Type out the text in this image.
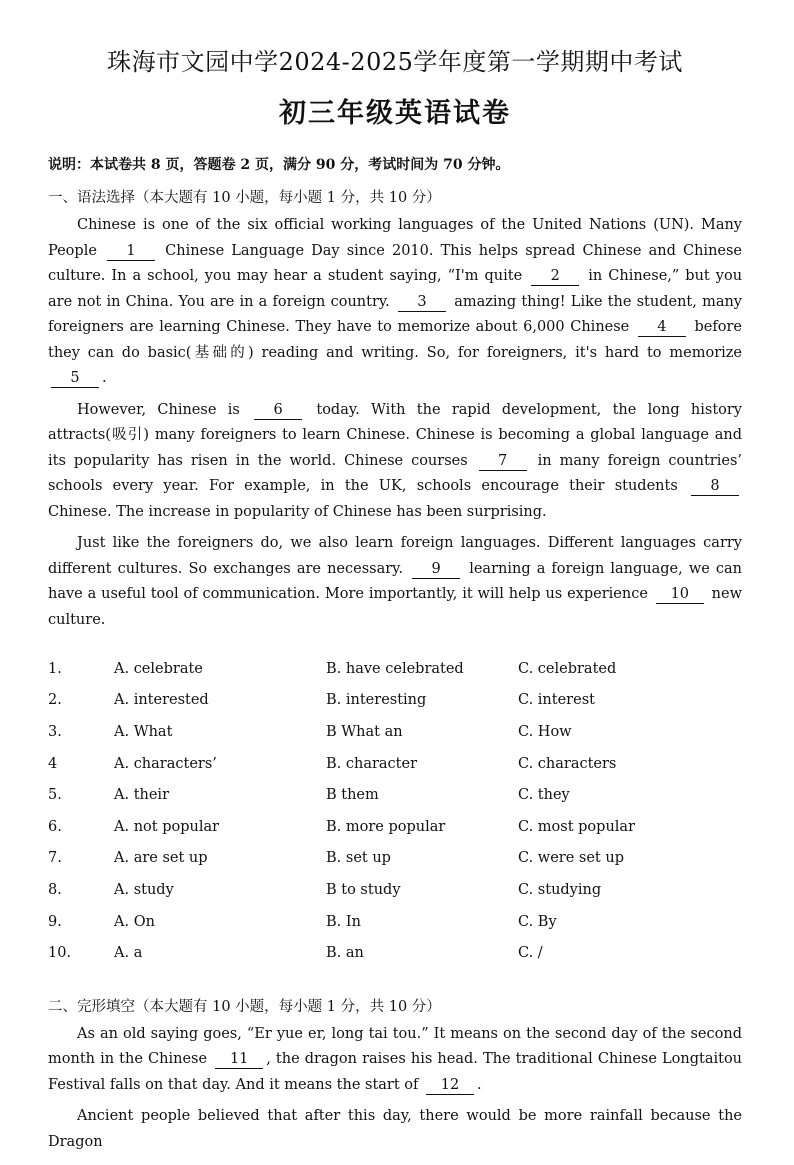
珠海市文园中学2024-2025学年度第一学期期中考试
初三年级英语试卷
说明：本试卷共 8 页，答题卷 2 页，满分 90 分，考试时间为 70 分钟。
一、语法选择（本大题有 10 小题，每小题 1 分，共 10 分）

Chinese is one of the six official working languages of the United Nations (UN). Many People 1 Chinese Language Day since 2010. This helps spread Chinese and Chinese culture. In a school, you may hear a student saying, “I'm quite 2 in Chinese,” but you are not in China. You are in a foreign country. 3 amazing thing! Like the student, many foreigners are learning Chinese. They have to memorize about 6,000 Chinese 4 before they can do basic(基础的) reading and writing. So, for foreigners, it's hard to memorize 5 .

However, Chinese is 6 today. With the rapid development, the long history attracts(吸引) many foreigners to learn Chinese. Chinese is becoming a global language and its popularity has risen in the world. Chinese courses 7 in many foreign countries’ schools every year. For example, in the UK, schools encourage their students 8 Chinese. The increase in popularity of Chinese has been surprising.

Just like the foreigners do, we also learn foreign languages. Different languages carry different cultures. So exchanges are necessary. 9 learning a foreign language, we can have a useful tool of communication. More importantly, it will help us experience 10 new culture.

1.	A. celebrate	B. have celebrated	C. celebrated
2.	A. interested	B. interesting	C. interest
3.	A. What	B What an	C. How
4	A. characters’	B. character	C. characters
5.	A. their	B them	C. they
6.	A. not popular	B. more popular	C. most popular
7.	A. are set up	B. set up	C. were set up
8.	A. study	B to study	C. studying
9.	A. On	B. In	C. By
10.	A. a	B. an	C. /
二、完形填空（本大题有 10 小题，每小题 1 分，共 10 分）

As an old saying goes, “Er yue er, long tai tou.” It means on the second day of the second month in the Chinese 11 , the dragon raises his head. The traditional Chinese Longtaitou Festival falls on that day. And it means the start of 12 .

Ancient people believed that after this day, there would be more rainfall because the Dragon
